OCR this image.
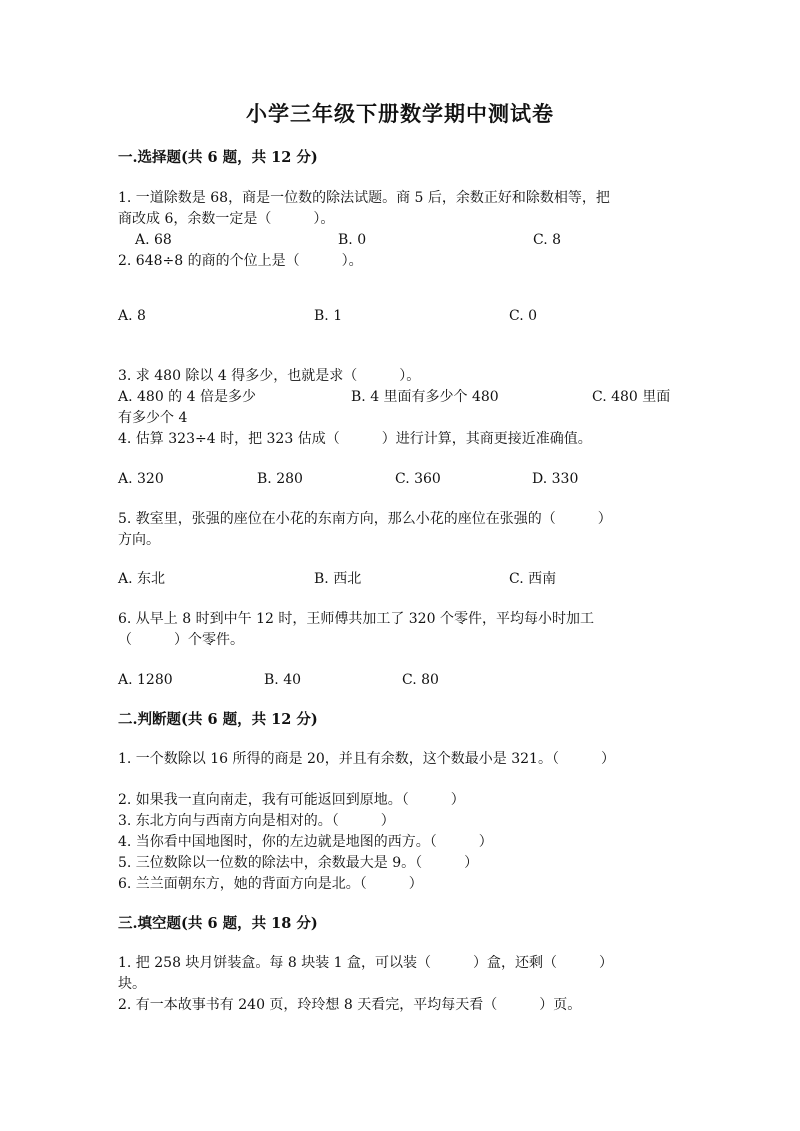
小学三年级下册数学期中测试卷
一.选择题(共 6 题，共 12 分)
1. 一道除数是 68，商是一位数的除法试题。商 5 后，余数正好和除数相等，把
商改成 6，余数一定是（　　　）。
A. 68	B. 0	C. 8
2. 648÷8 的商的个位上是（　　　）。
A. 8	B. 1	C. 0
3. 求 480 除以 4 得多少，也就是求（　　　）。
A. 480 的 4 倍是多少	B. 4 里面有多少个 480	C. 480 里面
有多少个 4
4. 估算 323÷4 时，把 323 估成（　　　）进行计算，其商更接近准确值。
A. 320	B. 280	C. 360	D. 330
5. 教室里，张强的座位在小花的东南方向，那么小花的座位在张强的（　　　）
方向。
A. 东北	B. 西北	C. 西南
6. 从早上 8 时到中午 12 时，王师傅共加工了 320 个零件，平均每小时加工
（　　　）个零件。
A. 1280	B. 40	C. 80
二.判断题(共 6 题，共 12 分)
1. 一个数除以 16 所得的商是 20，并且有余数，这个数最小是 321。（　　　）
2. 如果我一直向南走，我有可能返回到原地。（　　　）
3. 东北方向与西南方向是相对的。（　　　）
4. 当你看中国地图时，你的左边就是地图的西方。（　　　）
5. 三位数除以一位数的除法中，余数最大是 9。（　　　）
6. 兰兰面朝东方，她的背面方向是北。（　　　）
三.填空题(共 6 题，共 18 分)
1. 把 258 块月饼装盒。每 8 块装 1 盒，可以装（　　　）盒，还剩（　　　）
块。
2. 有一本故事书有 240 页，玲玲想 8 天看完，平均每天看（　　　）页。
